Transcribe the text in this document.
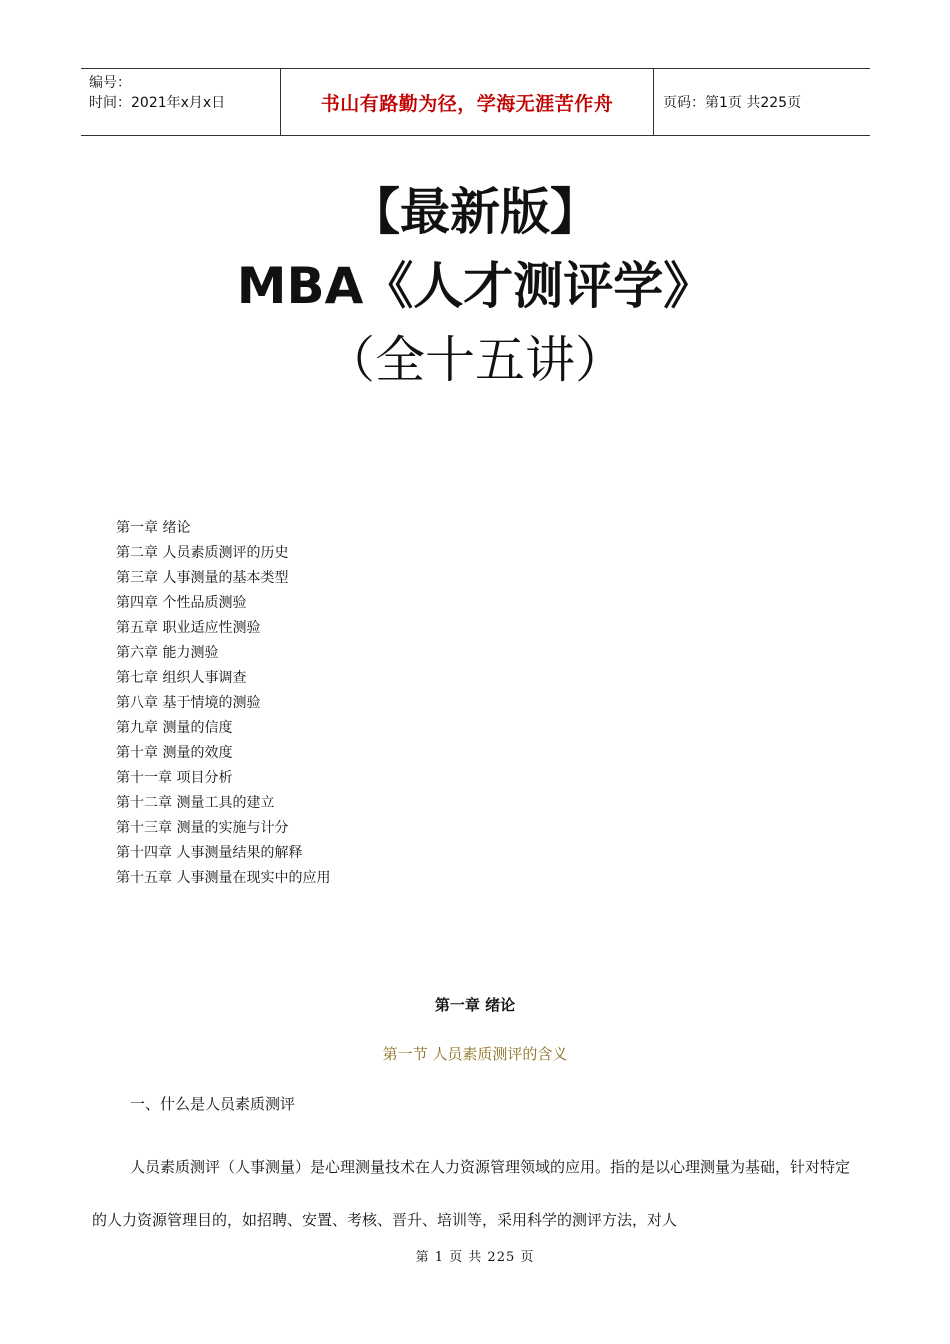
编号：
时间：2021年x月x日	书山有路勤为径，学海无涯苦作舟	页码：第1页 共225页
【最新版】
MBA《人才测评学》
（全十五讲）
第一章 绪论
第二章 人员素质测评的历史
第三章 人事测量的基本类型
第四章 个性品质测验
第五章 职业适应性测验
第六章 能力测验
第七章 组织人事调查
第八章 基于情境的测验
第九章 测量的信度
第十章 测量的效度
第十一章 项目分析
第十二章 测量工具的建立
第十三章 测量的实施与计分
第十四章 人事测量结果的解释
第十五章 人事测量在现实中的应用
第一章 绪论
第一节 人员素质测评的含义
一、什么是人员素质测评

人员素质测评（人事测量）是心理测量技术在人力资源管理领域的应用。指的是以心理测量为基础，针对特定的人力资源管理目的，如招聘、安置、考核、晋升、培训等，采用科学的测评方法，对人

第 1 页 共 225 页
